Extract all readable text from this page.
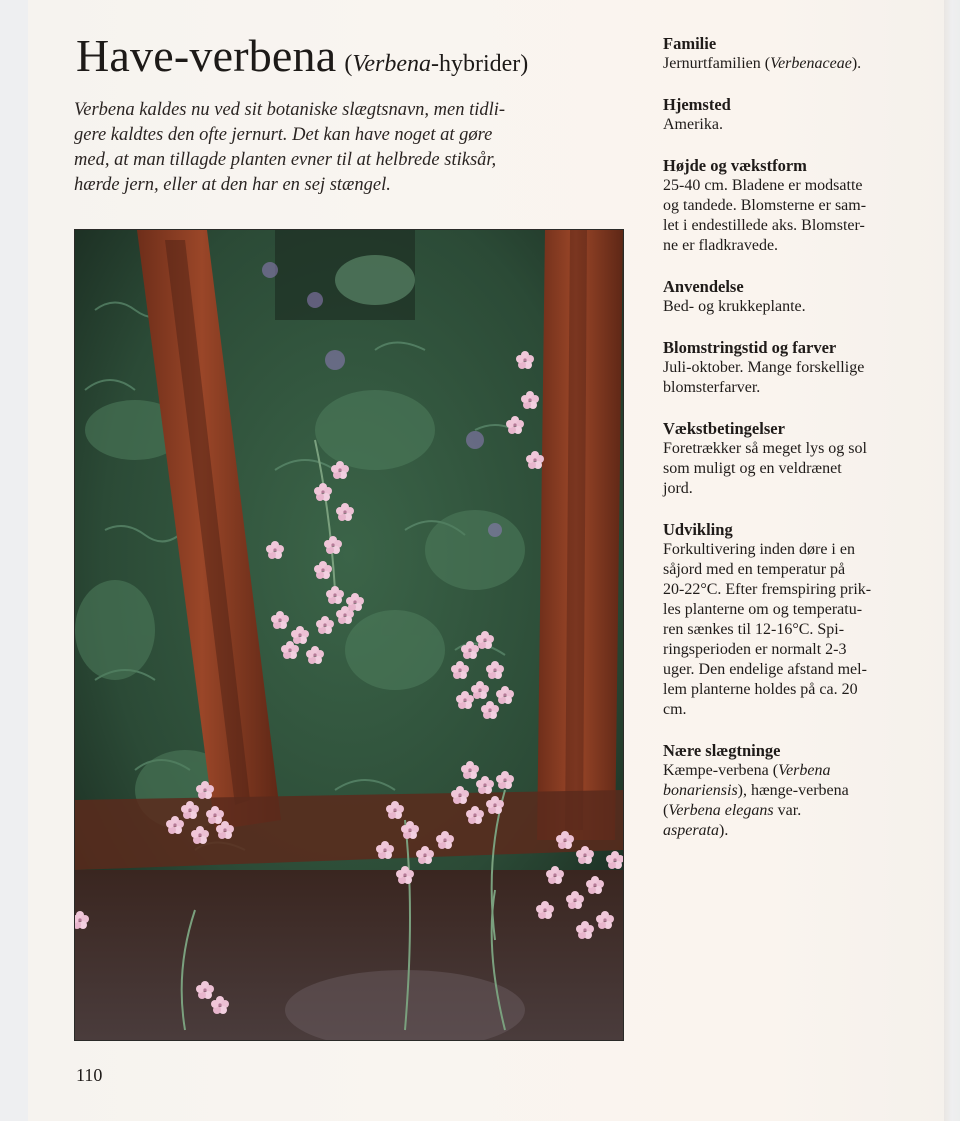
Have-verbena (Verbena-hybrider)
Verbena kaldes nu ved sit botaniske slægtsnavn, men tidli-
gere kaldtes den ofte jernurt. Det kan have noget at gøre
med, at man tillagde planten evner til at helbrede stiksår,
hærde jern, eller at den har en sej stængel.
Familie
Jernurtfamilien (Verbenaceae).
Hjemsted
Amerika.
Højde og vækstform
25-40 cm. Bladene er modsatte
og tandede. Blomsterne er sam-
let i endestillede aks. Blomster-
ne er fladkravede.
Anvendelse
Bed- og krukkeplante.
Blomstringstid og farver
Juli-oktober. Mange forskellige
blomsterfarver.
Vækstbetingelser
Foretrækker så meget lys og sol
som muligt og en veldrænet
jord.
Udvikling
Forkultivering inden døre i en
såjord med en temperatur på
20-22°C. Efter fremspiring prik-
les planterne om og temperatu-
ren sænkes til 12-16°C. Spi-
ringsperioden er normalt 2-3
uger. Den endelige afstand mel-
lem planterne holdes på ca. 20
cm.
Nære slægtninge
Kæmpe-verbena (Verbena
bonariensis), hænge-verbena
(Verbena elegans var.
asperata).
110
